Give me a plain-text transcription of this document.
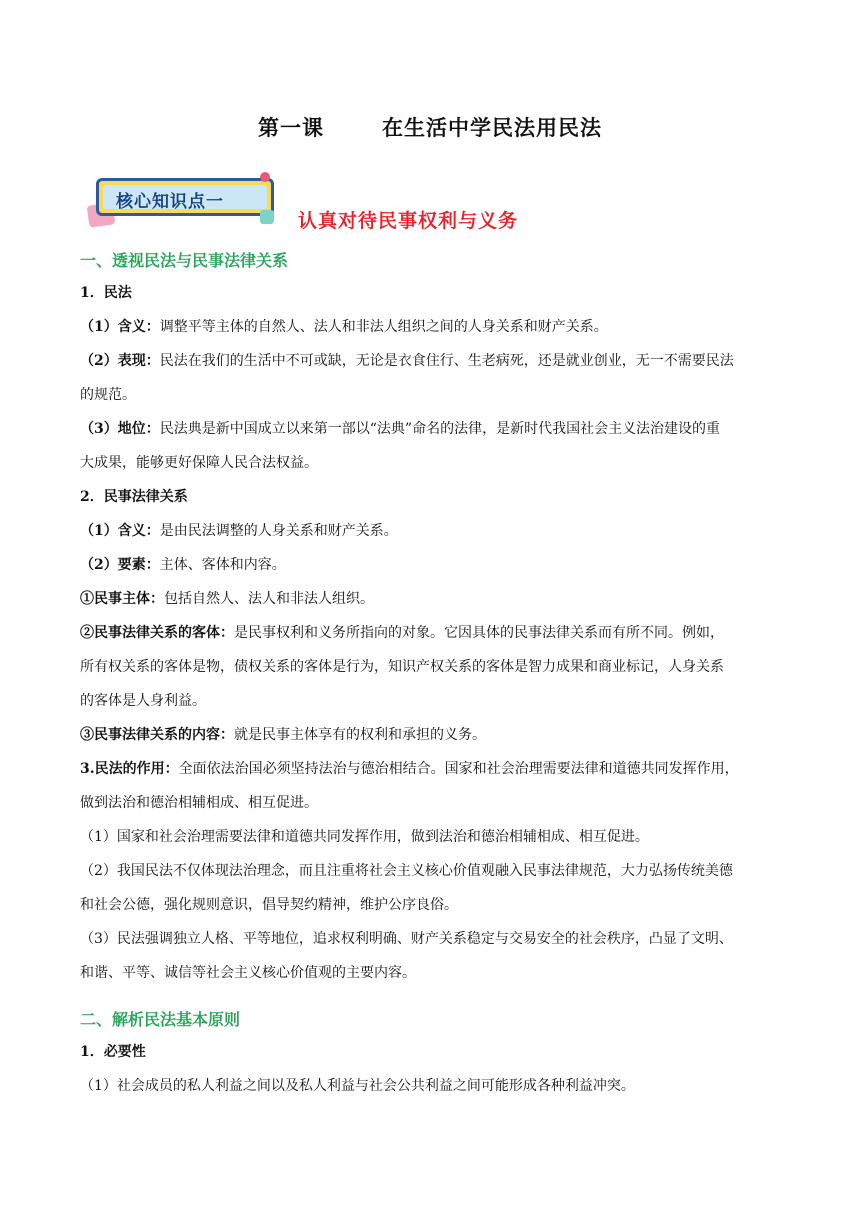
第一课	在生活中学民法用民法
核心知识点一
认真对待民事权利与义务
一、透视民法与民事法律关系
1．民法
（1）含义：调整平等主体的自然人、法人和非法人组织之间的人身关系和财产关系。
（2）表现：民法在我们的生活中不可或缺，无论是衣食住行、生老病死，还是就业创业，无一不需要民法
的规范。
（3）地位：民法典是新中国成立以来第一部以“法典”命名的法律，是新时代我国社会主义法治建设的重
大成果，能够更好保障人民合法权益。
2．民事法律关系
（1）含义：是由民法调整的人身关系和财产关系。
（2）要素：主体、客体和内容。
①民事主体：包括自然人、法人和非法人组织。
②民事法律关系的客体：是民事权利和义务所指向的对象。它因具体的民事法律关系而有所不同。例如，
所有权关系的客体是物，债权关系的客体是行为，知识产权关系的客体是智力成果和商业标记，人身关系
的客体是人身利益。
③民事法律关系的内容：就是民事主体享有的权利和承担的义务。
3.民法的作用：全面依法治国必须坚持法治与德治相结合。国家和社会治理需要法律和道德共同发挥作用，
做到法治和德治相辅相成、相互促进。
（1）国家和社会治理需要法律和道德共同发挥作用，做到法治和德治相辅相成、相互促进。
（2）我国民法不仅体现法治理念，而且注重将社会主义核心价值观融入民事法律规范，大力弘扬传统美德
和社会公德，强化规则意识，倡导契约精神，维护公序良俗。
（3）民法强调独立人格、平等地位，追求权利明确、财产关系稳定与交易安全的社会秩序，凸显了文明、
和谐、平等、诚信等社会主义核心价值观的主要内容。
二、解析民法基本原则
1．必要性
（1）社会成员的私人利益之间以及私人利益与社会公共利益之间可能形成各种利益冲突。
